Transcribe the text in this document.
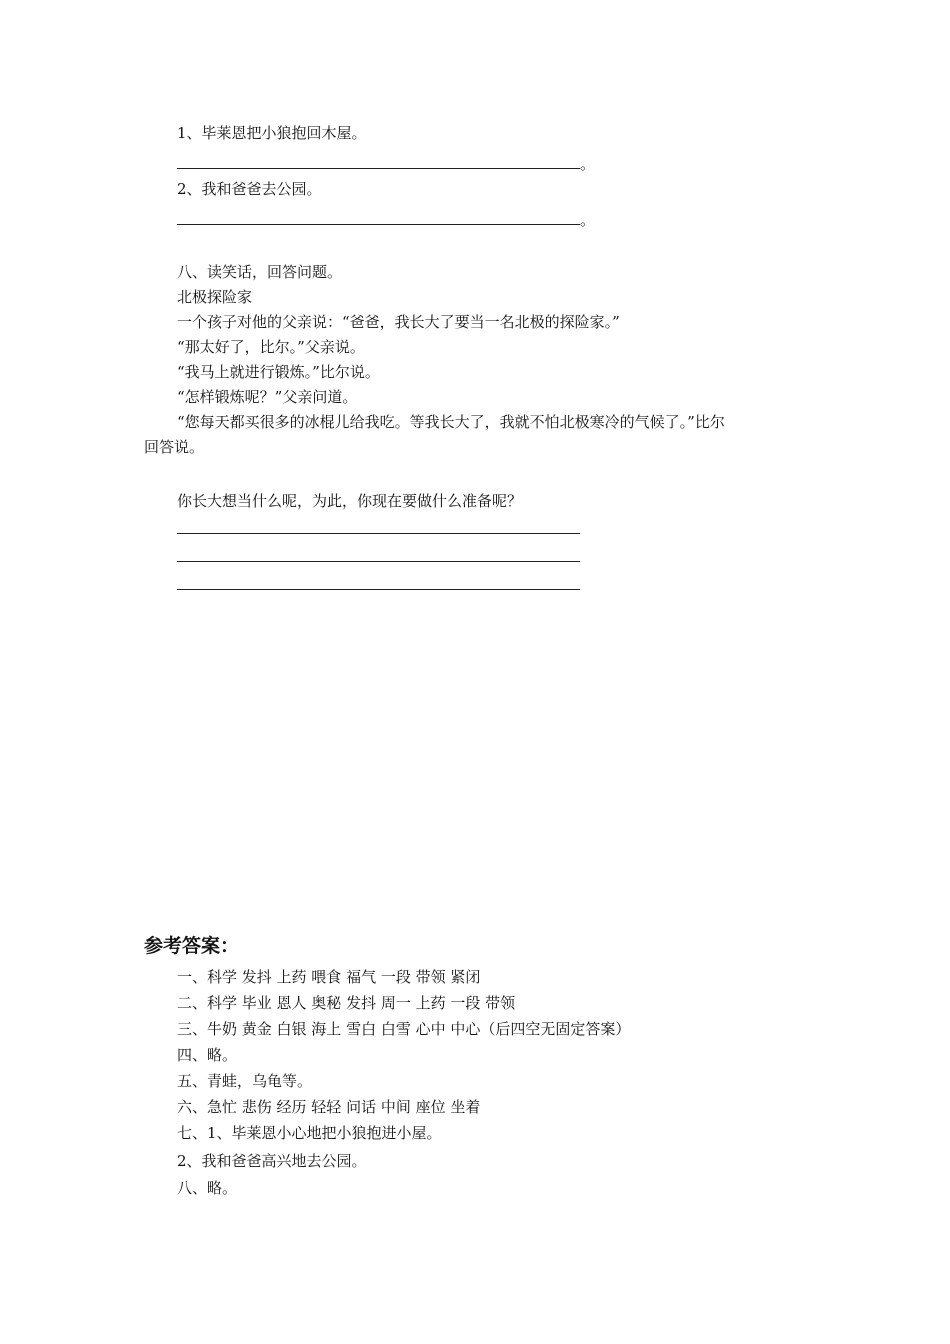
1、毕莱恩把小狼抱回木屋。
。
2、我和爸爸去公园。
。
八、读笑话，回答问题。
北极探险家
一个孩子对他的父亲说：“爸爸，我长大了要当一名北极的探险家。”
“那太好了，比尔。”父亲说。
“我马上就进行锻炼。”比尔说。
“怎样锻炼呢？”父亲问道。
“您每天都买很多的冰棍儿给我吃。等我长大了，我就不怕北极寒冷的气候了。”比尔
回答说。
你长大想当什么呢，为此，你现在要做什么准备呢？
参考答案：
一、科学 发抖 上药 喂食 福气 一段 带领 紧闭
二、科学 毕业 恩人 奥秘 发抖 周一 上药 一段 带领
三、牛奶 黄金 白银 海上 雪白 白雪 心中 中心（后四空无固定答案）
四、略。
五、青蛙，乌龟等。
六、急忙 悲伤 经历 轻轻 问话 中间 座位 坐着
七、1、毕莱恩小心地把小狼抱进小屋。
2、我和爸爸高兴地去公园。
八、略。
